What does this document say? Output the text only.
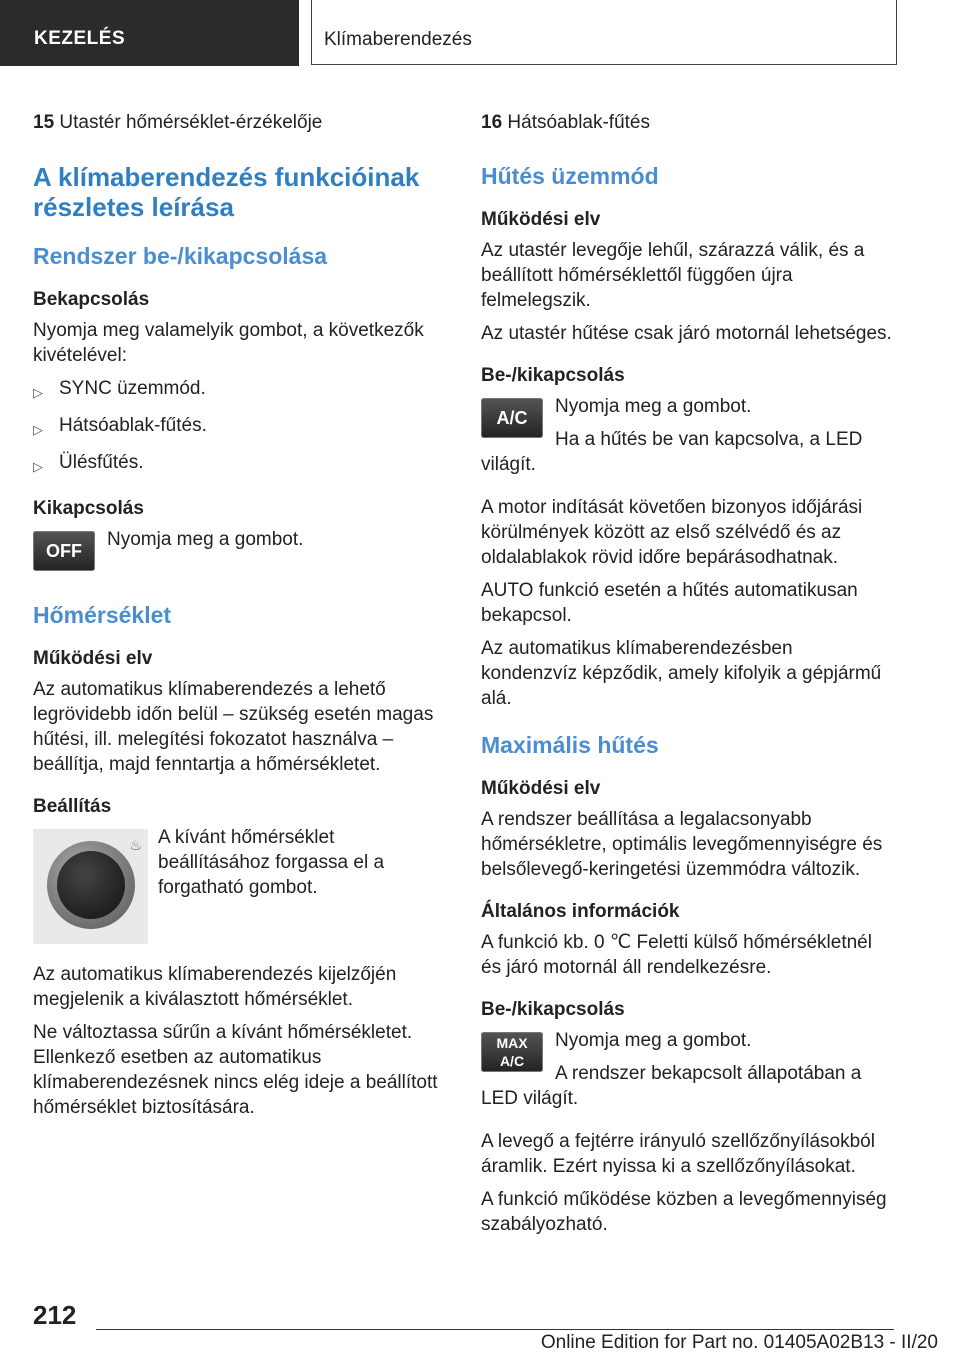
KEZELÉS	Klímaberendezés
15 Utastér hőmérséklet-érzékelője
A klímaberendezés funkcióinak részletes leírása
Rendszer be-/kikapcsolása
Bekapcsolás

Nyomja meg valamelyik gombot, a következők kivételével:

▷ SYNC üzemmód.
▷ Hátsóablak-fűtés.
▷ Ülésfűtés.
Kikapcsolás
OFF

Nyomja meg a gombot.

Hőmérséklet
Működési elv

Az automatikus klímaberendezés a lehető legrövidebb időn belül – szükség esetén magas hűtési, ill. melegítési fokozatot használva – beállítja, majd fenntartja a hőmérsékletet.

Beállítás
♨ A kívánt hőmérséklet beállításához forgassa el a forgatható gombot.

Az automatikus klímaberendezés kijelzőjén megjelenik a kiválasztott hőmérséklet.

Ne változtassa sűrűn a kívánt hőmérsékletet. Ellenkező esetben az automatikus klímaberendezésnek nincs elég ideje a beállított hőmérséklet biztosítására.

16 Hátsóablak-fűtés
Hűtés üzemmód
Működési elv

Az utastér levegője lehűl, szárazzá válik, és a beállított hőmérséklettől függően újra felmelegszik.

Az utastér hűtése csak járó motornál lehetséges.

Be-/kikapcsolás
A/C

Nyomja meg a gombot.

Ha a hűtés be van kapcsolva, a LED világít.

A motor indítását követően bizonyos időjárási körülmények között az első szélvédő és az oldalablakok rövid időre bepárásodhatnak.

AUTO funkció esetén a hűtés automatikusan bekapcsol.

Az automatikus klímaberendezésben kondenzvíz képződik, amely kifolyik a gépjármű alá.

Maximális hűtés
Működési elv

A rendszer beállítása a legalacsonyabb hőmérsékletre, optimális levegőmennyiségre és belsőlevegő-keringetési üzemmódra változik.

Általános információk

A funkció kb. 0 ℃ Feletti külső hőmérsékletnél és járó motornál áll rendelkezésre.

Be-/kikapcsolás
MAX
A/C

Nyomja meg a gombot.

A rendszer bekapcsolt állapotában a LED világít.

A levegő a fejtérre irányuló szellőzőnyílásokból áramlik. Ezért nyissa ki a szellőzőnyílásokat.

A funkció működése közben a levegőmennyiség szabályozható.

212
Online Edition for Part no. 01405A02B13 - II/20
